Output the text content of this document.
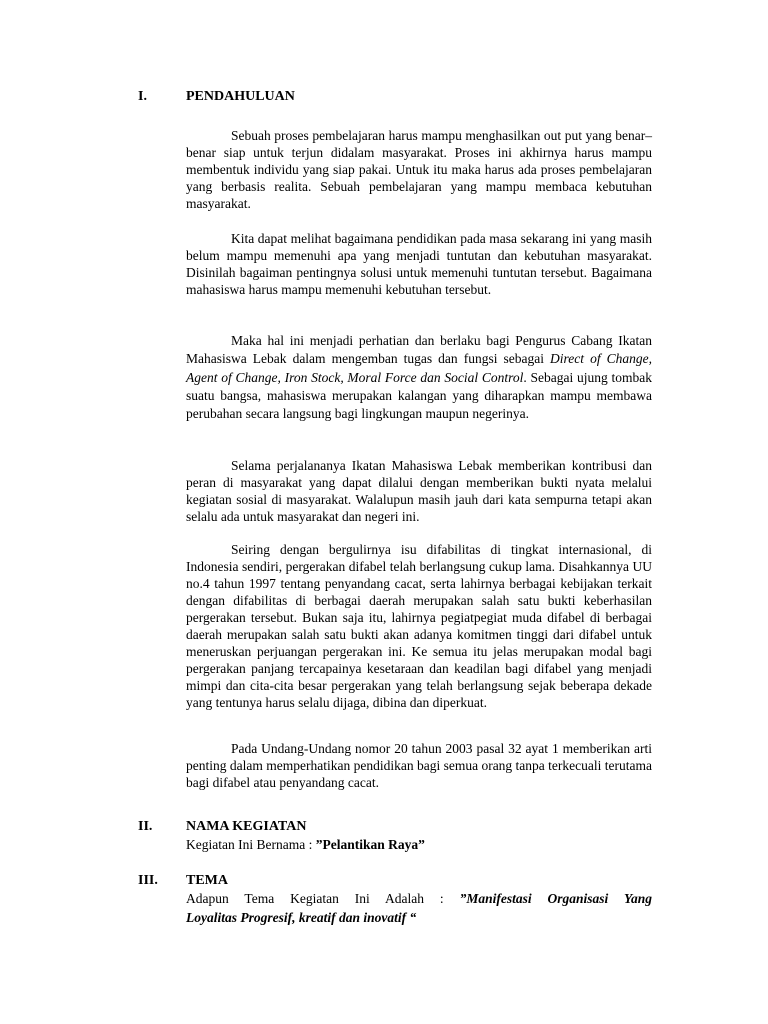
I.	PENDAHULUAN

Sebuah proses pembelajaran harus mampu menghasilkan out put yang benar–benar siap untuk terjun didalam masyarakat. Proses ini akhirnya harus mampu membentuk individu yang siap pakai. Untuk itu maka harus ada proses pembelajaran yang berbasis realita. Sebuah pembelajaran yang mampu membaca kebutuhan masyarakat.

Kita dapat melihat bagaimana pendidikan pada masa sekarang ini yang masih belum mampu memenuhi apa yang menjadi tuntutan dan kebutuhan masyarakat. Disinilah bagaiman pentingnya solusi untuk memenuhi tuntutan tersebut. Bagaimana mahasiswa harus mampu memenuhi kebutuhan tersebut.

Maka hal ini menjadi perhatian dan berlaku bagi Pengurus Cabang Ikatan Mahasiswa Lebak dalam mengemban tugas dan fungsi sebagai Direct of Change, Agent of Change, Iron Stock, Moral Force dan Social Control. Sebagai ujung tombak suatu bangsa, mahasiswa merupakan kalangan yang diharapkan mampu membawa perubahan secara langsung bagi lingkungan maupun negerinya.

Selama perjalananya Ikatan Mahasiswa Lebak memberikan kontribusi dan peran di masyarakat yang dapat dilalui dengan memberikan bukti nyata melalui kegiatan sosial di masyarakat. Walalupun masih jauh dari kata sempurna tetapi akan selalu ada untuk masyarakat dan negeri ini.

Seiring dengan bergulirnya isu difabilitas di tingkat internasional, di Indonesia sendiri, pergerakan difabel telah berlangsung cukup lama. Disahkannya UU no.4 tahun 1997 tentang penyandang cacat, serta lahirnya berbagai kebijakan terkait dengan difabilitas di berbagai daerah merupakan salah satu bukti keberhasilan pergerakan tersebut. Bukan saja itu, lahirnya pegiatpegiat muda difabel di berbagai daerah merupakan salah satu bukti akan adanya komitmen tinggi dari difabel untuk meneruskan perjuangan pergerakan ini. Ke semua itu jelas merupakan modal bagi pergerakan panjang tercapainya kesetaraan dan keadilan bagi difabel yang menjadi mimpi dan cita-cita besar pergerakan yang telah berlangsung sejak beberapa dekade yang tentunya harus selalu dijaga, dibina dan diperkuat.

Pada Undang-Undang nomor 20 tahun 2003 pasal 32 ayat 1 memberikan arti penting dalam memperhatikan pendidikan bagi semua orang tanpa terkecuali terutama bagi difabel atau penyandang cacat.

II. NAMA KEGIATAN

Kegiatan Ini Bernama : ”Pelantikan Raya”

III. TEMA

Adapun Tema Kegiatan Ini Adalah : ”Manifestasi Organisasi Yang

Loyalitas Progresif, kreatif dan inovatif “
